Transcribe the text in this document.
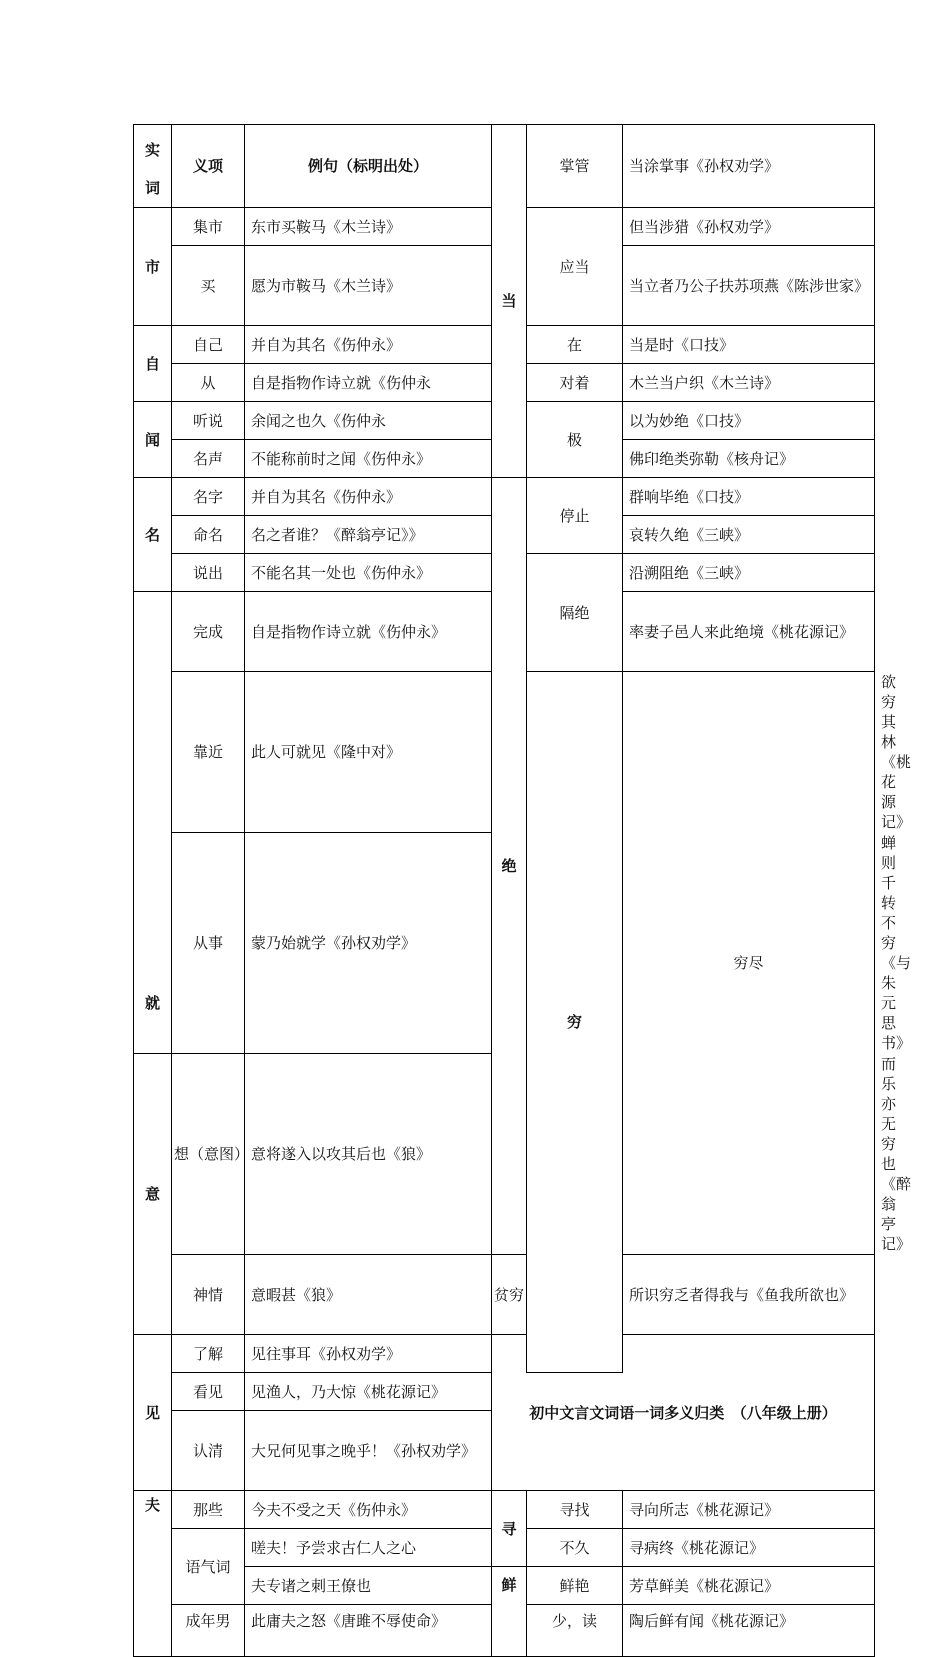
实词	义项	例句（标明出处）	当	掌管	当涂掌事《孙权劝学》	
市	集市	东市买鞍马《木兰诗》		应当	但当涉猎《孙权劝学》	
	买	愿为市鞍马《木兰诗》			当立者乃公子扶苏项燕《陈涉世家》	
自	自己	并自为其名《伤仲永》		在	当是时《口技》	
	从	自是指物作诗立就《伤仲永		对着	木兰当户织《木兰诗》	
闻	听说	余闻之也久《伤仲永		极	以为妙绝《口技》	
	名声	不能称前时之闻《伤仲永》			佛印绝类弥勒《核舟记》	
名	名字	并自为其名《伤仲永》	绝	停止	群响毕绝《口技》	
	命名	名之者谁？《醉翁亭记》》			哀转久绝《三峡》	
	说出	不能名其一处也《伤仲永》		隔绝	沿溯阻绝《三峡》	
就	完成	自是指物作诗立就《伤仲永》			率妻子邑人来此绝境《桃花源记》	
	靠近	此人可就见《隆中对》		穷	穷尽	欲穷其林《桃花源记》
	从事	蒙乃始就学《孙权劝学》				蝉则千转不穷《与朱元思书》
意	想（意图）	意将遂入以攻其后也《狼》				而乐亦无穷也《醉翁亭记》
	神情	意暇甚《狼》	贫穷		所识穷乏者得我与《鱼我所欲也》	
见	了解	见往事耳《孙权劝学》	初中文言文词语一词多义归类　（八年级上册）			
	看见	见渔人，乃大惊《桃花源记》				
	认清	大兄何见事之晚乎！《孙权劝学》				
夫	那些	今夫不受之天《伤仲永》	寻	寻找	寻向所志《桃花源记》	
	语气词	嗟夫！予尝求古仁人之心		不久	寻病终《桃花源记》	
		夫专诸之刺王僚也	鲜	鲜艳	芳草鲜美《桃花源记》	
	成年男	此庸夫之怒《唐雎不辱使命》		少，读	陶后鲜有闻《桃花源记》	
